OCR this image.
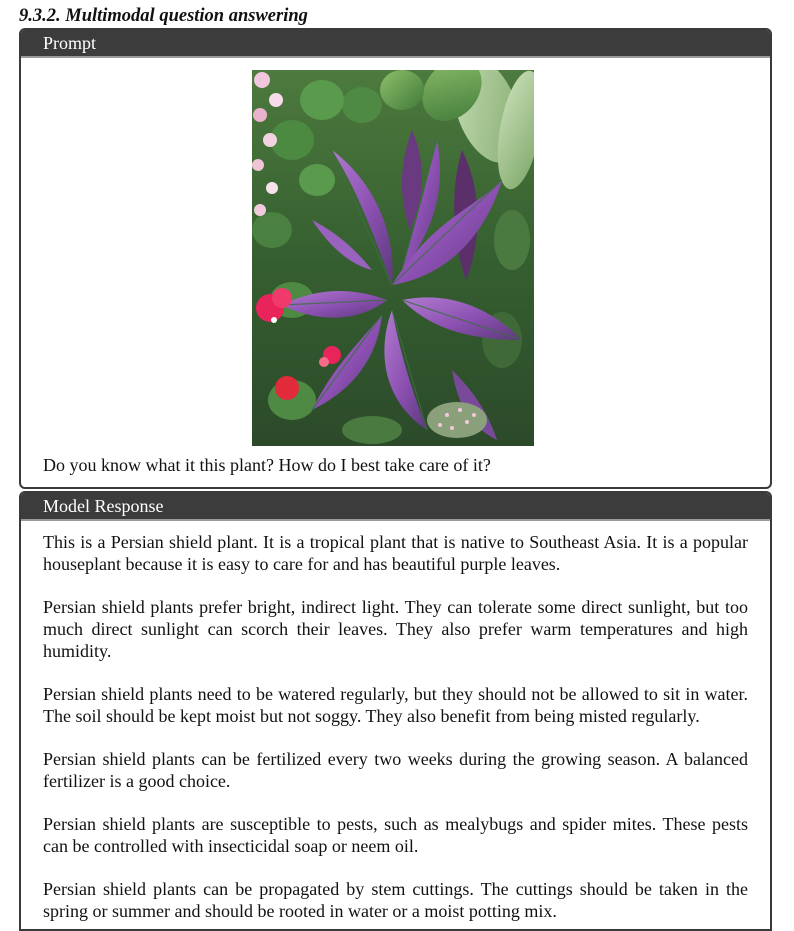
9.3.2. Multimodal question answering
Prompt

Do you know what it this plant? How do I best take care of it?

Model Response

This is a Persian shield plant. It is a tropical plant that is native to Southeast Asia. It is a popular houseplant because it is easy to care for and has beautiful purple leaves.

Persian shield plants prefer bright, indirect light. They can tolerate some direct sunlight, but too much direct sunlight can scorch their leaves. They also prefer warm temperatures and high humidity.

Persian shield plants need to be watered regularly, but they should not be allowed to sit in water. The soil should be kept moist but not soggy. They also benefit from being misted regularly.

Persian shield plants can be fertilized every two weeks during the growing season. A balanced fertilizer is a good choice.

Persian shield plants are susceptible to pests, such as mealybugs and spider mites. These pests can be controlled with insecticidal soap or neem oil.

Persian shield plants can be propagated by stem cuttings. The cuttings should be taken in the spring or summer and should be rooted in water or a moist potting mix.
